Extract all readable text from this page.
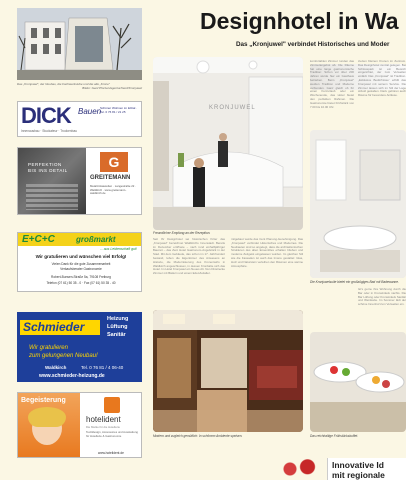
Das „Kronjuwel", der Neubau, die Fachwerkstube und die alte „Krone"
Bilder: Gerd Pforzen/agentur/Gerd/Kronjuwel
DICK Bauen
Schöner Wohnen im Elztal · Tel. 0 76 81 / 21 25
Innenausbau · Stuckateur · Trockenbau
PERFEKTION
BIS INS DETAIL
G
GREITEMANN
Metall-Glaswelten · Langestraße 22 · Waldkirch · www.greitemann-waldkirch.de
E+C+C	großmarkt
... aus Leidenschaft gut!
Wir gratulieren und wünschen viel Erfolg!
Vielen Dank für die gute Zusammenarbeit
Verkaufsberater Gastronomie
Robert-Bunsen-Straße 5a, 79108 Freiburg
Telefon (07 61) 50 35 - 0 · Fax (07 61) 50 35 - 40
Schmieder
Heizung
Lüftung
Sanitär
Wir gratulieren
zum gelungenen Neubau!
Waldkirch	Tel. 0 76 81 / 4 06-40
www.schmieder-heizung.de
Begeisterung
hotelident
Die Marke für die Hotellerie
Textildesign, Accessoires und Ausstattung für Hotellerie & Gastronomie
www.hotelident.de
Designhotel in Wa
Das „Kronjuwel" verbindet Historisches und Moder
KRONJUWEL
Freundlicher Empfang an der Rezeption.
Die Kronjuwelsuite bietet ein großzügiges Bad mit Badewanne.
Modern und zugleich gemütlich: In schönem Ambiente speisen.	Das reichhaltige Frühstücksbuffet.
Seit Ihr Designhotel sei historischen Kriter das „Kronjuwel" bezeichnet Waldkirchs Innenstadt. Bereits im Dezember eröffnete – nach rund einhalbjähriger Bauzeit – das Zent Hotel Gastronom-Angelstück in der Stad. Mit dem Gebäude, das schon im 17. Jahrhundert bestand, leben die Eigentümer des Anwesens an Historie, die Modernisierung des Kronenwirts in Waldkirch angeschlossen, in dessen Kronbalte sich das Hotel. Im Hotel Kronjuwel ein Neues Alt. Nun Dinstrecke Zimmer mit Bädern und einem Edel-Zeitalter.
mitgebaut wurde das Cent Planung-Genehmigung. Das „Kronjuwel" verbindet Historisches und Modernes. Die Neubauten sind so angelegt, dass die architektonischen Strukturen des alten Ensembles erhalten blieben und moderne Zeitgeist eingelassen wurden. Im gleichen Stil wie die Fassaden ist auch das Innere gestaltet: Glas, Holz und Naturstein verleihen den Räumen eine warme Atmosphäre.
komfortablen Zimmer runden das Zimmerangebot ab. Die Räume hat eine lange gastronomische Tradition: Schon vor über 200 Jahren wurde hier ein Gasthaus betrieben. Beim „Kronjuwel" werden Tradition und Moderne verbunden. Ganz gleich ob für einen Kurzurlaub oder ein Wochenende, das Hotel bietet den perfekten Rahmen. Die Gastronomie bietet Frühstück von 7.00 bis 10.00 Uhr.
zierten Kleinen Kronen im Zentrum. Das Designhotel zentral gelegen. Bei Schlosspark ist ein Bereich eingerichtet, der zum Verweilen einlädt. Das „Kronjuwel" ist Tradition. „Exklusive Bedürfnisse“ erfüllt das Kronjuwel mit seinem Service. Die Zimmer lassen sich im Stil der Lage stilvoll gestalten. Dazu gehören auch Räume für besondere Anlässe.
Ist's gerne ihre Wohnung durch die Bar oder in Kronwinkels nachts. Die Bar Lüftung oder Kronwinkels Sanitär und Weinkarte. Im Sommer lädt der schöne Innenhof zum Verweilen ein.
Innovative Id
mit regionale
